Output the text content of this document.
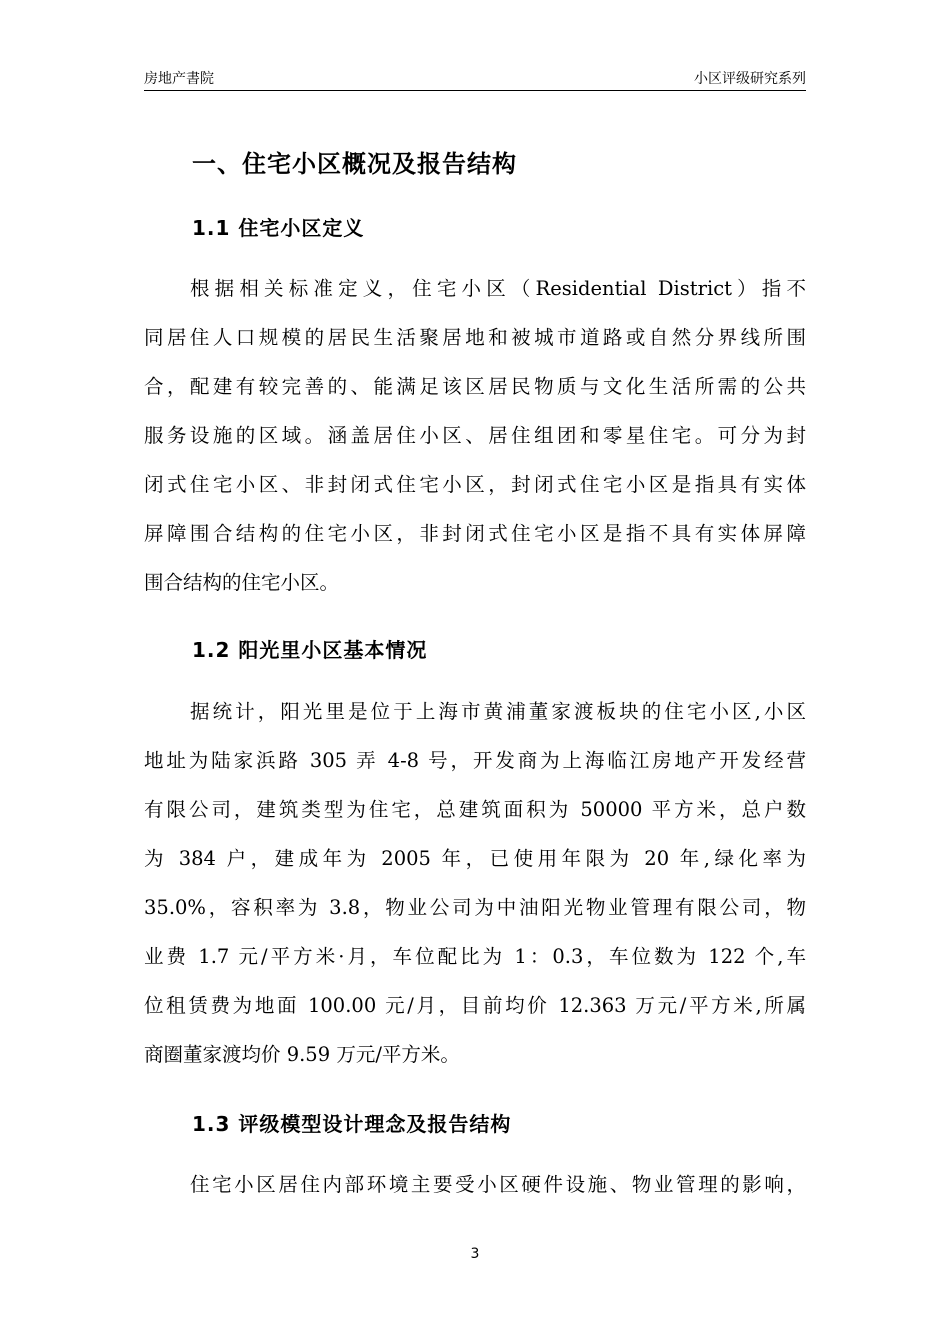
房地产書院	小区评级研究系列
一、住宅小区概况及报告结构
1.1 住宅小区定义
根据相关标准定义，住宅小区（Residential District）指不
同居住人口规模的居民生活聚居地和被城市道路或自然分界线所围
合，配建有较完善的、能满足该区居民物质与文化生活所需的公共
服务设施的区域。涵盖居住小区、居住组团和零星住宅。可分为封
闭式住宅小区、非封闭式住宅小区，封闭式住宅小区是指具有实体
屏障围合结构的住宅小区，非封闭式住宅小区是指不具有实体屏障
围合结构的住宅小区。
1.2 阳光里小区基本情况
据统计，阳光里是位于上海市黄浦董家渡板块的住宅小区,小区
地址为陆家浜路 305 弄 4-8 号，开发商为上海临江房地产开发经营
有限公司，建筑类型为住宅，总建筑面积为 50000 平方米，总户数
为 384 户，建成年为 2005 年，已使用年限为 20 年,绿化率为
35.0%，容积率为 3.8，物业公司为中油阳光物业管理有限公司，物
业费 1.7 元/平方米·月，车位配比为 1：0.3，车位数为 122 个,车
位租赁费为地面 100.00 元/月，目前均价 12.363 万元/平方米,所属
商圈董家渡均价 9.59 万元/平方米。
1.3 评级模型设计理念及报告结构
住宅小区居住内部环境主要受小区硬件设施、物业管理的影响，
3
